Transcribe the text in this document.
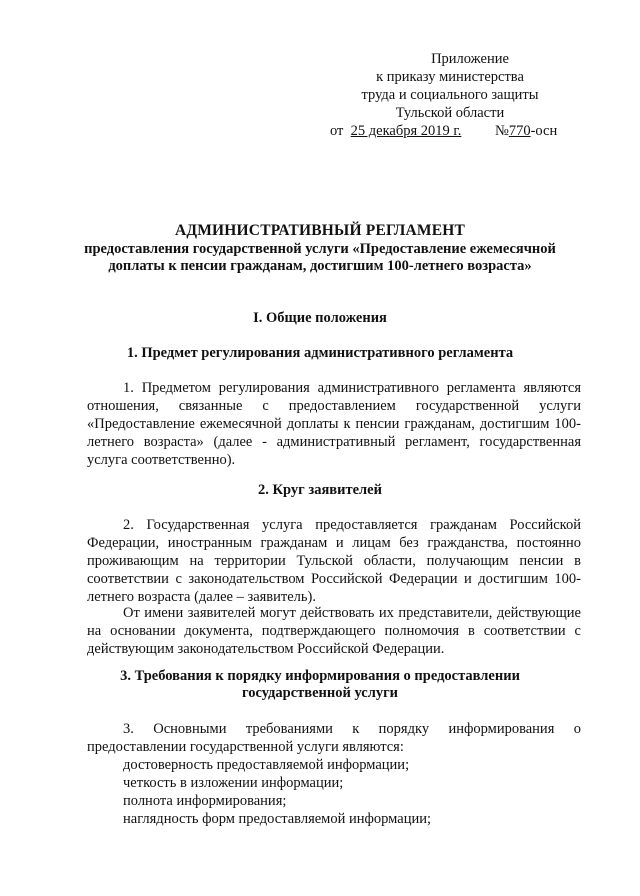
Приложение
к приказу министерства
труда и социального защиты
Тульской области
от 25 декабря 2019 г. №770-осн
АДМИНИСТРАТИВНЫЙ РЕГЛАМЕНТ
предоставления государственной услуги «Предоставление ежемесячной
доплаты к пенсии гражданам, достигшим 100-летнего возраста»
I. Общие положения
1. Предмет регулирования административного регламента

1. Предметом регулирования административного регламента являются отношения, связанные с предоставлением государственной услуги «Предоставление ежемесячной доплаты к пенсии гражданам, достигшим 100-летнего возраста» (далее - административный регламент, государственная услуга соответственно).

2. Круг заявителей

2. Государственная услуга предоставляется гражданам Российской Федерации, иностранным гражданам и лицам без гражданства, постоянно проживающим на территории Тульской области, получающим пенсии в соответствии с законодательством Российской Федерации и достигшим 100-летнего возраста (далее – заявитель).

От имени заявителей могут действовать их представители, действующие на основании документа, подтверждающего полномочия в соответствии с действующим законодательством Российской Федерации.

3. Требования к порядку информирования о предоставлении
государственной услуги
3. Основными требованиями к порядку информирования о
предоставлении государственной услуги являются:
достоверность предоставляемой информации;
четкость в изложении информации;
полнота информирования;
наглядность форм предоставляемой информации;
